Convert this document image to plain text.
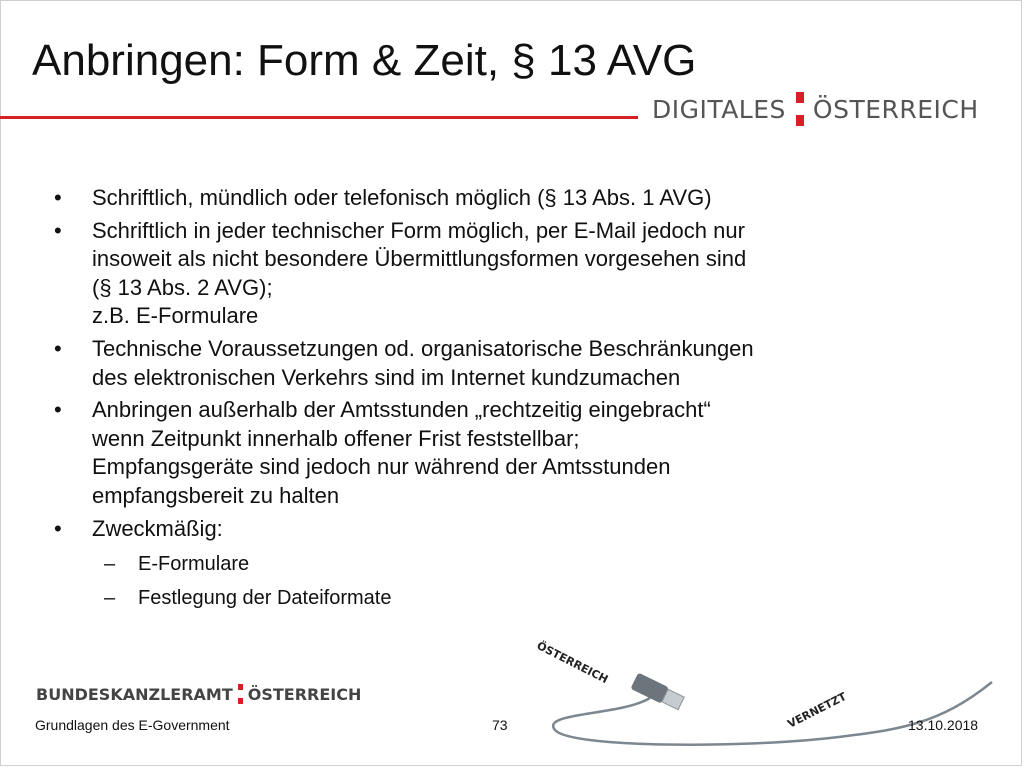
Anbringen: Form & Zeit, § 13 AVG
DIGITALES ÖSTERREICH
•	Schriftlich, mündlich oder telefonisch möglich (§ 13 Abs. 1 AVG)
•	Schriftlich in jeder technischer Form möglich, per E-Mail jedoch nur
insoweit als nicht besondere Übermittlungsformen vorgesehen sind
(§ 13 Abs. 2 AVG);
z.B. E-Formulare
•	Technische Voraussetzungen od. organisatorische Beschränkungen
des elektronischen Verkehrs sind im Internet kundzumachen
•	Anbringen außerhalb der Amtsstunden „rechtzeitig eingebracht“
wenn Zeitpunkt innerhalb offener Frist feststellbar;
Empfangsgeräte sind jedoch nur während der Amtsstunden
empfangsbereit zu halten
•	Zweckmäßig:
–	E-Formulare
–	Festlegung der Dateiformate
ÖSTERREICH
VERNETZT
BUNDESKANZLERAMT ÖSTERREICH
Grundlagen des E-Government	73	13.10.2018
